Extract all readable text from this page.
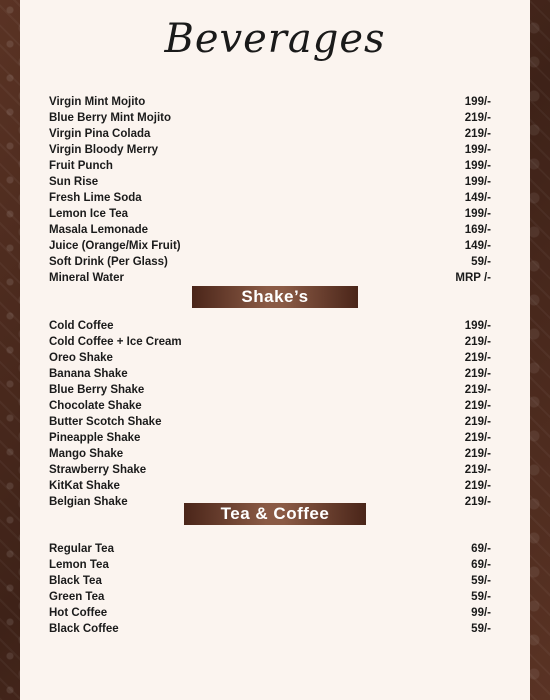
Beverages
Virgin Mint Mojito	199/-
Blue Berry Mint Mojito	219/-
Virgin Pina Colada	219/-
Virgin Bloody Merry	199/-
Fruit Punch	199/-
Sun Rise	199/-
Fresh Lime Soda	149/-
Lemon Ice Tea	199/-
Masala Lemonade	169/-
Juice (Orange/Mix Fruit)	149/-
Soft Drink (Per Glass)	59/-
Mineral Water	MRP /-
Shake’s
Cold Coffee	199/-
Cold Coffee + Ice Cream	219/-
Oreo Shake	219/-
Banana Shake	219/-
Blue Berry Shake	219/-
Chocolate Shake	219/-
Butter Scotch Shake	219/-
Pineapple Shake	219/-
Mango Shake	219/-
Strawberry Shake	219/-
KitKat Shake	219/-
Belgian Shake	219/-
Tea & Coffee
Regular Tea	69/-
Lemon Tea	69/-
Black Tea	59/-
Green Tea	59/-
Hot Coffee	99/-
Black Coffee	59/-
